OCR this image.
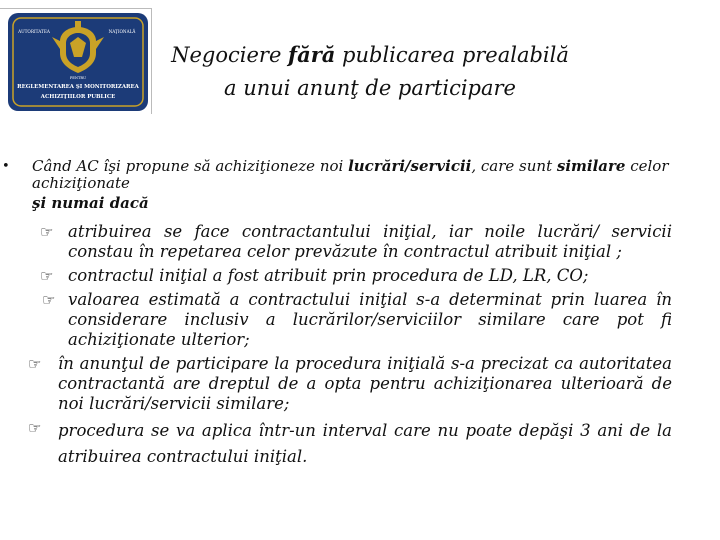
AUTORITATEA	NAŢIONALĂ
PENTRU
REGLEMENTAREA ŞI MONITORIZAREA
ACHIZIŢIILOR PUBLICE
Negociere fără publicarea prealabilă
a unui anunţ de participare
• Când AC îşi propune să achiziţioneze noi lucrări/servicii, care sunt similare celor achiziţionate
şi numai dacă
☞ atribuirea se face contractantului iniţial, iar noile lucrări/ servicii constau în repetarea celor prevăzute în contractul atribuit iniţial ;
☞ contractul iniţial a fost atribuit prin procedura de LD, LR, CO;
☞ valoarea estimată a contractului iniţial s-a determinat prin luarea în considerare inclusiv a lucrărilor/serviciilor similare care pot fi achiziţionate ulterior;
☞ în anunţul de participare la procedura iniţială s-a precizat ca autoritatea contractantă are dreptul de a opta pentru achiziţionarea ulterioară de noi lucrări/servicii similare;
☞ procedura se va aplica într-un interval care nu poate depăşi 3 ani de la atribuirea contractului iniţial.
